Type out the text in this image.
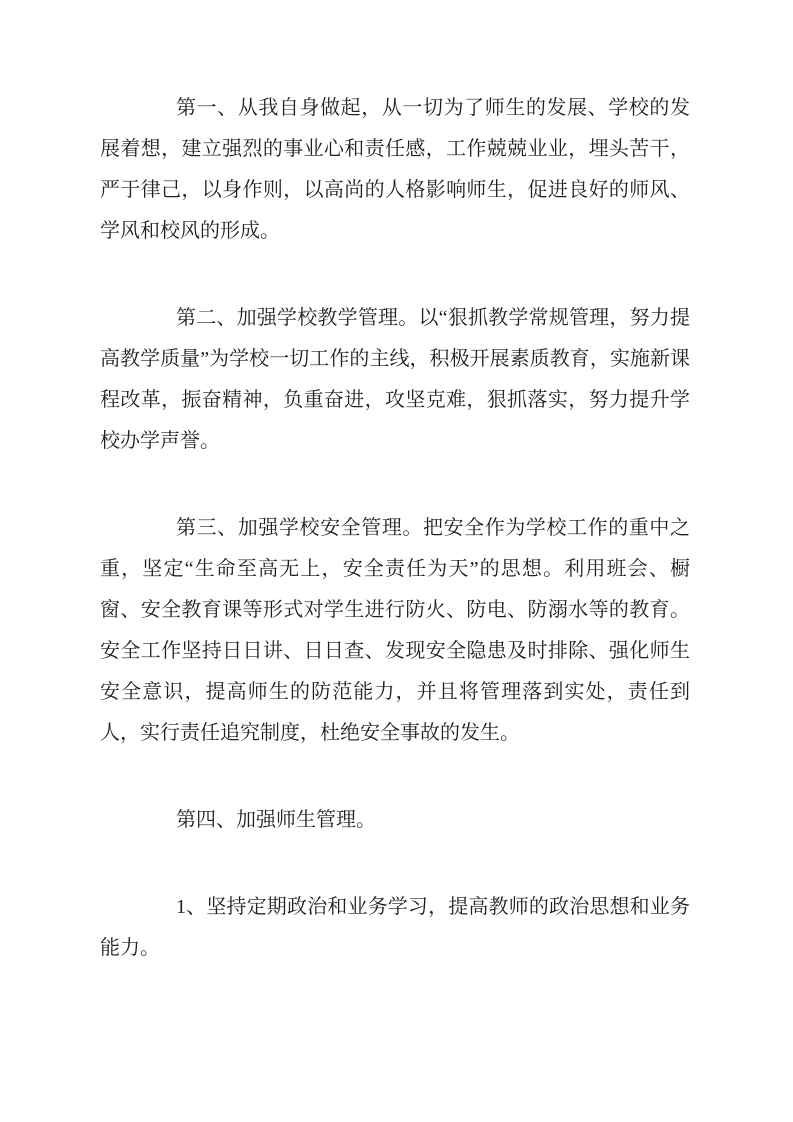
第一、从我自身做起，从一切为了师生的发展、学校的发展着想，建立强烈的事业心和责任感，工作兢兢业业，埋头苦干，严于律己，以身作则，以高尚的人格影响师生，促进良好的师风、学风和校风的形成。

第二、加强学校教学管理。以“狠抓教学常规管理，努力提高教学质量”为学校一切工作的主线，积极开展素质教育，实施新课程改革，振奋精神，负重奋进，攻坚克难，狠抓落实，努力提升学校办学声誉。

第三、加强学校安全管理。把安全作为学校工作的重中之重，坚定“生命至高无上，安全责任为天”的思想。利用班会、橱窗、安全教育课等形式对学生进行防火、防电、防溺水等的教育。安全工作坚持日日讲、日日查、发现安全隐患及时排除、强化师生安全意识，提高师生的防范能力，并且将管理落到实处，责任到人，实行责任追究制度，杜绝安全事故的发生。

第四、加强师生管理。

1、坚持定期政治和业务学习，提高教师的政治思想和业务能力。
